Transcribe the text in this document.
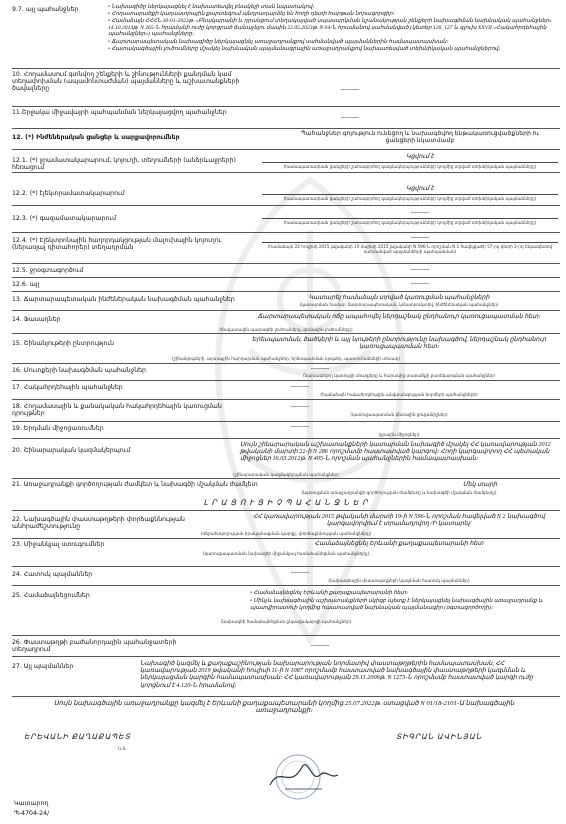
9.7. այլ պահանջներ	• Նախագիծը ներկայացնել է նախատեսվել բնակելի տան նպատակով։
• Հողատարածքի կադաստրային քարտեզում անդրադարձել են հողի դետի հարթան նորագորգիր։
• Համաձայն ՀՀՀՆ 30-01-2023թ. «Բնակարանի և դրանցում տեղակայված սպասարկման նշանակության շենքերի նախագծման նախնական պահանջներ» 14.10.2014թ. N 265-Ն հրամանի ուժը կորցրած ճանաչելու մասին 22.05.2023թ. N 04-Ն հրամանով սահմանված (կետեր 126, 127 և գլուխ XXVII «Հակահրդեհային պահանջներ») պահանջները։
• Ճարտարապետական նախագիծը ներկայացնել առաջադրանքով սահմանված պայմաններին համապատասխան։
• Հատակագծային լուծումները մշակել նախնական պայմանագրային առաջադրանքով նախատեսված տեխնիկական պահանջներով։
10. Հողամասում գտնվող շենքերի և շինությունների քանդման կամ տեղափոխման (ապամոնտաժման) պայմանները և աշխատանքների ծավալները	---------
11.Շրջակա միջավայրի պահպանման ներկայացվող պահանջներ
---------
12. (*) Ինժեներական ցանցեր և սարքավորումներ
Պահանջներ գոյություն ունեցող և նախագծվող ենթակառուցվածքների ու ցանցերի նկատմամբ
12.1. (*) ջրամատակարարում, կոյուղի, տեղումների (անձրևաջրերի) հեռացում
Կցվում է
(համապատասխան ցանցերի շահագործող կազմակերպությունների կողմից տրված տեխնիկական պայմանները)
12.2. (*) էլեկտրամատակարարում
Կցվում է
(համապատասխան ցանցերի շահագործող կազմակերպությունների կողմից տրված տեխնիկական պայմանները)
12.3. (*) գազամատակարարում
---------
(համապատասխան ցանցերի շահագործող կազմակերպությունների կողմից տրված տեխնիկական պայմանները)
12.4. (*) Էլեկտրոնային հաղորդակցության մալուխային կոյուղու (ներառյալ դիտահորեր) տեղադրման
---------
(համաձայն 22 հուլիսի 2015 թվականի 19 մայիսի 2015 թվականի N 596-Ն որոշման N 1 հավելվածի 57-րդ կետի 2-րդ ենթակետով սահմանված պայմանների պահպանման)
12.5. ջրօգտագործում	---------
12.6. այլ	---------
13. Ճարտարապետական ինժեներական նախագծման պահանջներ	Կատարել համաձայն տրված կառուցման պահանջների
(կատարման համար՝ ճարտարապետական, կոնստրուկտիվ, ինժեներական պահանջներ)
14. Ֆասադներ	Ճարտարապետական ոճը ապահովել ներդաշնակ ընդհանուր կառուցապատման հետ։
(ճակատային պարագծի լուծումները, գունային լուծումները)
15. Շինանյութերի ընտրություն
Երեսպատման, ծածկերի և այլ նյութերի ընտրությունը նախագծով, ներդաշնակ ընդհանուր կառուցապատման հետ։
(շինանյութերի, արտաքին հարդարման պահանջներ, երեսպատման նյութեր, պատուհանների տեսակ)
16. Մուտքերի նախագծման պահանջներ	---------
(նախագծվող կառույցի մուտքերը և հարակից տարածքի բարեկարգման պահանջներ)
17. Հակահրդեհային պահանջներ	---------
(համաձայն հակահրդեհային անվտանգության նորմերի պահանջների)
18. Հողամասային և քանակական հակահրդեհային կառուցման դրույթներ
---------
(կառուցապատման կետային ցուցանիշներ)
19. Երդման միջոցառումներ	---------
(ջրային միջոցներ)
20. Շինարարական կազմակերպում
Սույն շինարարական աշխատանքների կատարման նախագիծ մշակել ՀՀ կառավարության 2012 թվականի մարտի 22-ի N 286 որոշմամբ հաստատված կարգով։ Հողի կարգավորող ՀՀ պետական միջոցներ 16.03.2012թ. N 405-Ն որոշման պահանջներին համապատասխան։
(շինարարական կազմակերպման պահանջներ)
21. Առաջադրանքի գործողության ժամկետ և նախագծի մշակման ժամկետ	Մեկ տարի
(կառուցման առաջադրանքի գործողության ժամկետը և նախագծի մշակման ժամկետը)
Լ Ր Ա Ց Ո Ւ Ց Ի Չ Պ Ա Հ Ա Ն Ջ Ն Ե Ր
22. Նախագծային փաստաթղթերի փորձաքննության անհրաժեշտությունը
ՀՀ կառավարության 2015 թվականի մարտի 19-ի N 596-Ն որոշման հավելված N 2 նախագծով կարգավորվում է տրամադրվող /Ի կատարել/
(Վերահսկողության իրականացման կարգը, փորձաքննության պահանջները)
23. Միջանկյալ ստուգումներ	Համաձայնեցնել Երևանի քաղաքապետարանի հետ
(կառուցապատման նախագծի միջանկյալ համաձայնեցման պահանջները)
24. Հատուկ պայմաններ	---------
(նախագծային փաստաթղթերի կազմման հատուկ պայմաններ)
25. Համաձայնեցումներ	• Համաձայնեցնել Երևանի քաղաքապետարանի հետ։
• Մինչև նախագծային աշխատանքների սկիզբ պետք է ներկայացնել նախագծային առաջադրանք և պատվիրատուի կողմից հաստատված նախնական պայմանագիր (օգտագործողի)։
(նախագծի համաձայնեցման ընթացակարգի պահանջներ)
26. Փաստաթղթի բաժանորդային պահանջատերի տեղադրում
---------
27. Այլ պայմաններ	Նախագիծ կազմել և քաղաքաշինության նախարարության նորմատիվ փաստաթղթերին համապատասխան, ՀՀ կառավարության 2019 թվականի հուլիսի 11-ի N 1087 որոշմամբ հաստատված նախագծային փաստաթղթերի կազմման և ներկայացման կարգին համապատասխան։ ՀՀ կառավարության 29.11.2006թ. N 1273-Ն որոշմամբ հաստատված կարգի ուժը կորցնում է 4.120-Ն հրամանով։
Սույն նախագծային առաջադրանքը կազմել է Երևանի քաղաքապետարանի կողմից 25.07.2022թ. ստացված N 01/18-2101-Ա նախագծային առաջադրանքի։
ԵՐԵՎԱՆԻ ՔԱՂԱՔԱՊԵՏ
Կ.Տ.
ՏԻԳՐԱՆ ԱՎԻՆՅԱՆ
Կատարող
Պ-4704-24/
